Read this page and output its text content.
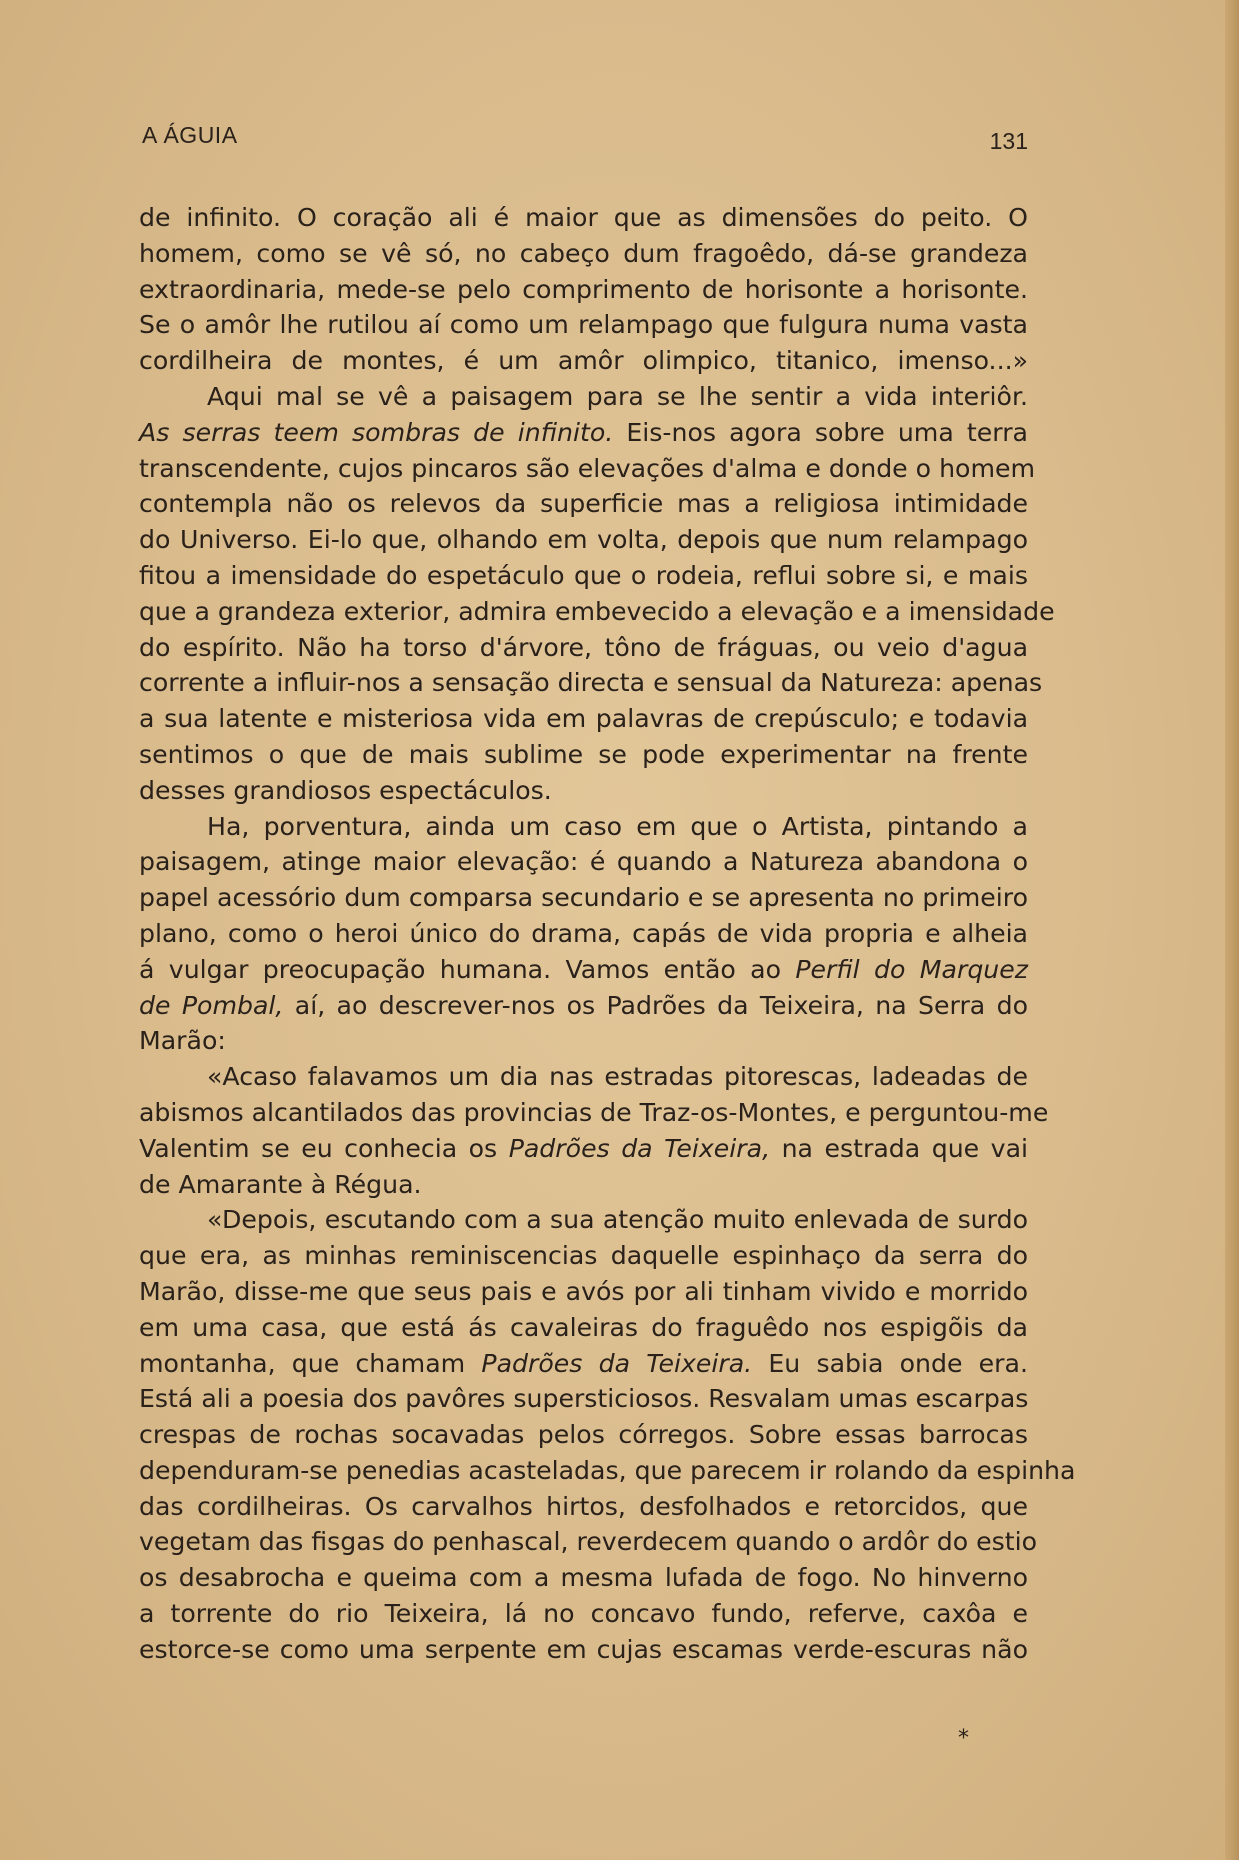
A ÁGUIA	131
de infinito. O coração ali é maior que as dimensões do peito. O
homem, como se vê só, no cabeço dum fragoêdo, dá-se grandeza
extraordinaria, mede-se pelo comprimento de horisonte a horisonte.
Se o amôr lhe rutilou aí como um relampago que fulgura numa vasta
cordilheira de montes, é um amôr olimpico, titanico, imenso...»
Aqui mal se vê a paisagem para se lhe sentir a vida interiôr.
As serras teem sombras de infinito. Eis-nos agora sobre uma terra
transcendente, cujos pincaros são elevações d'alma e donde o homem
contempla não os relevos da superficie mas a religiosa intimidade
do Universo. Ei-lo que, olhando em volta, depois que num relampago
fitou a imensidade do espetáculo que o rodeia, reflui sobre si, e mais
que a grandeza exterior, admira embevecido a elevação e a imensidade
do espírito. Não ha torso d'árvore, tôno de fráguas, ou veio d'agua
corrente a influir-nos a sensação directa e sensual da Natureza: apenas
a sua latente e misteriosa vida em palavras de crepúsculo; e todavia
sentimos o que de mais sublime se pode experimentar na frente
desses grandiosos espectáculos.
Ha, porventura, ainda um caso em que o Artista, pintando a
paisagem, atinge maior elevação: é quando a Natureza abandona o
papel acessório dum comparsa secundario e se apresenta no primeiro
plano, como o heroi único do drama, capás de vida propria e alheia
á vulgar preocupação humana. Vamos então ao Perfil do Marquez
de Pombal, aí, ao descrever-nos os Padrões da Teixeira, na Serra do
Marão:
«Acaso falavamos um dia nas estradas pitorescas, ladeadas de
abismos alcantilados das provincias de Traz-os-Montes, e perguntou-me
Valentim se eu conhecia os Padrões da Teixeira, na estrada que vai
de Amarante à Régua.
«Depois, escutando com a sua atenção muito enlevada de surdo
que era, as minhas reminiscencias daquelle espinhaço da serra do
Marão, disse-me que seus pais e avós por ali tinham vivido e morrido
em uma casa, que está ás cavaleiras do fraguêdo nos espigõis da
montanha, que chamam Padrões da Teixeira. Eu sabia onde era.
Está ali a poesia dos pavôres supersticiosos. Resvalam umas escarpas
crespas de rochas socavadas pelos córregos. Sobre essas barrocas
dependuram-se penedias acasteladas, que parecem ir rolando da espinha
das cordilheiras. Os carvalhos hirtos, desfolhados e retorcidos, que
vegetam das fisgas do penhascal, reverdecem quando o ardôr do estio
os desabrocha e queima com a mesma lufada de fogo. No hinverno
a torrente do rio Teixeira, lá no concavo fundo, referve, caxôa e
estorce-se como uma serpente em cujas escamas verde-escuras não
*
